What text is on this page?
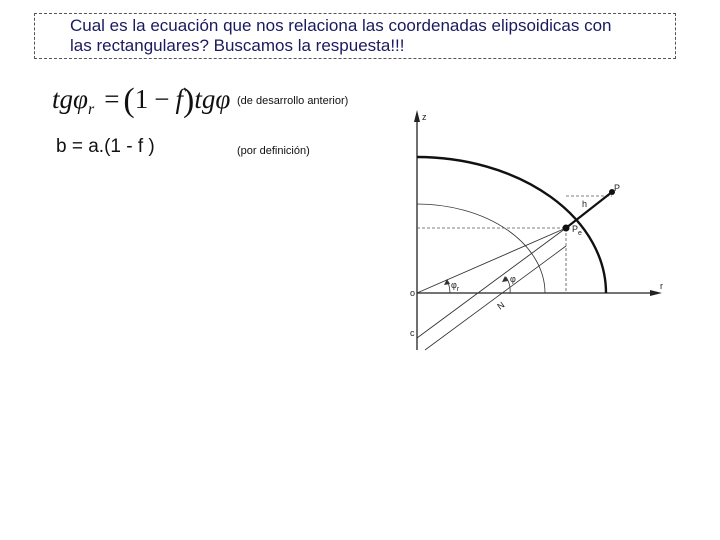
Cual es la ecuación que nos relaciona las coordenadas elipsoidicas con
las rectangulares? Buscamos la respuesta!!!
tgφ$_r$ = (1 − f)tgφ (de desarrollo anterior)
b = a.(1 - f )	(por definición)
z
r
o
c
P
h
$P_e$
N
$\varphi_r$
φ
